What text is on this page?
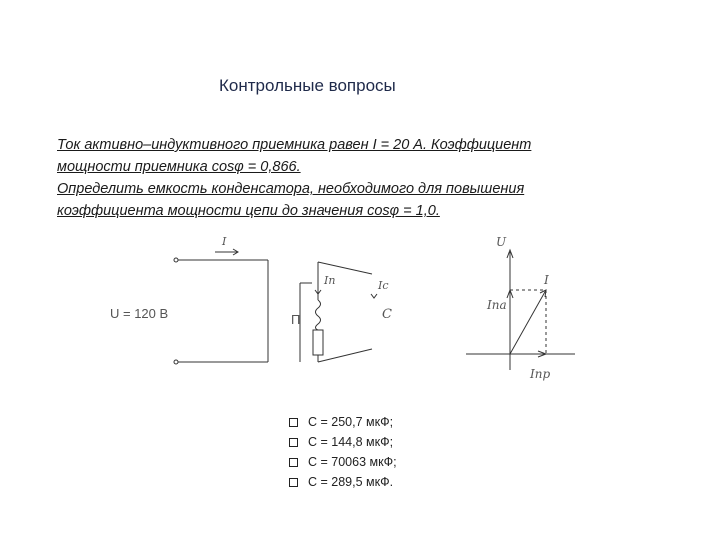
Контрольные вопросы
Ток активно–индуктивного приемника равен I = 20 А. Коэффициент
мощности приемника cosφ = 0,866.
Определить емкость конденсатора, необходимого для повышения
коэффициента мощности цепи до значения cosφ = 1,0.
I
U = 120 В	П
Iп	Iс
C
U
I
Iпа
Iпр
С = 250,7 мкФ;
С = 144,8 мкФ;
С = 70063 мкФ;
С = 289,5 мкФ.
